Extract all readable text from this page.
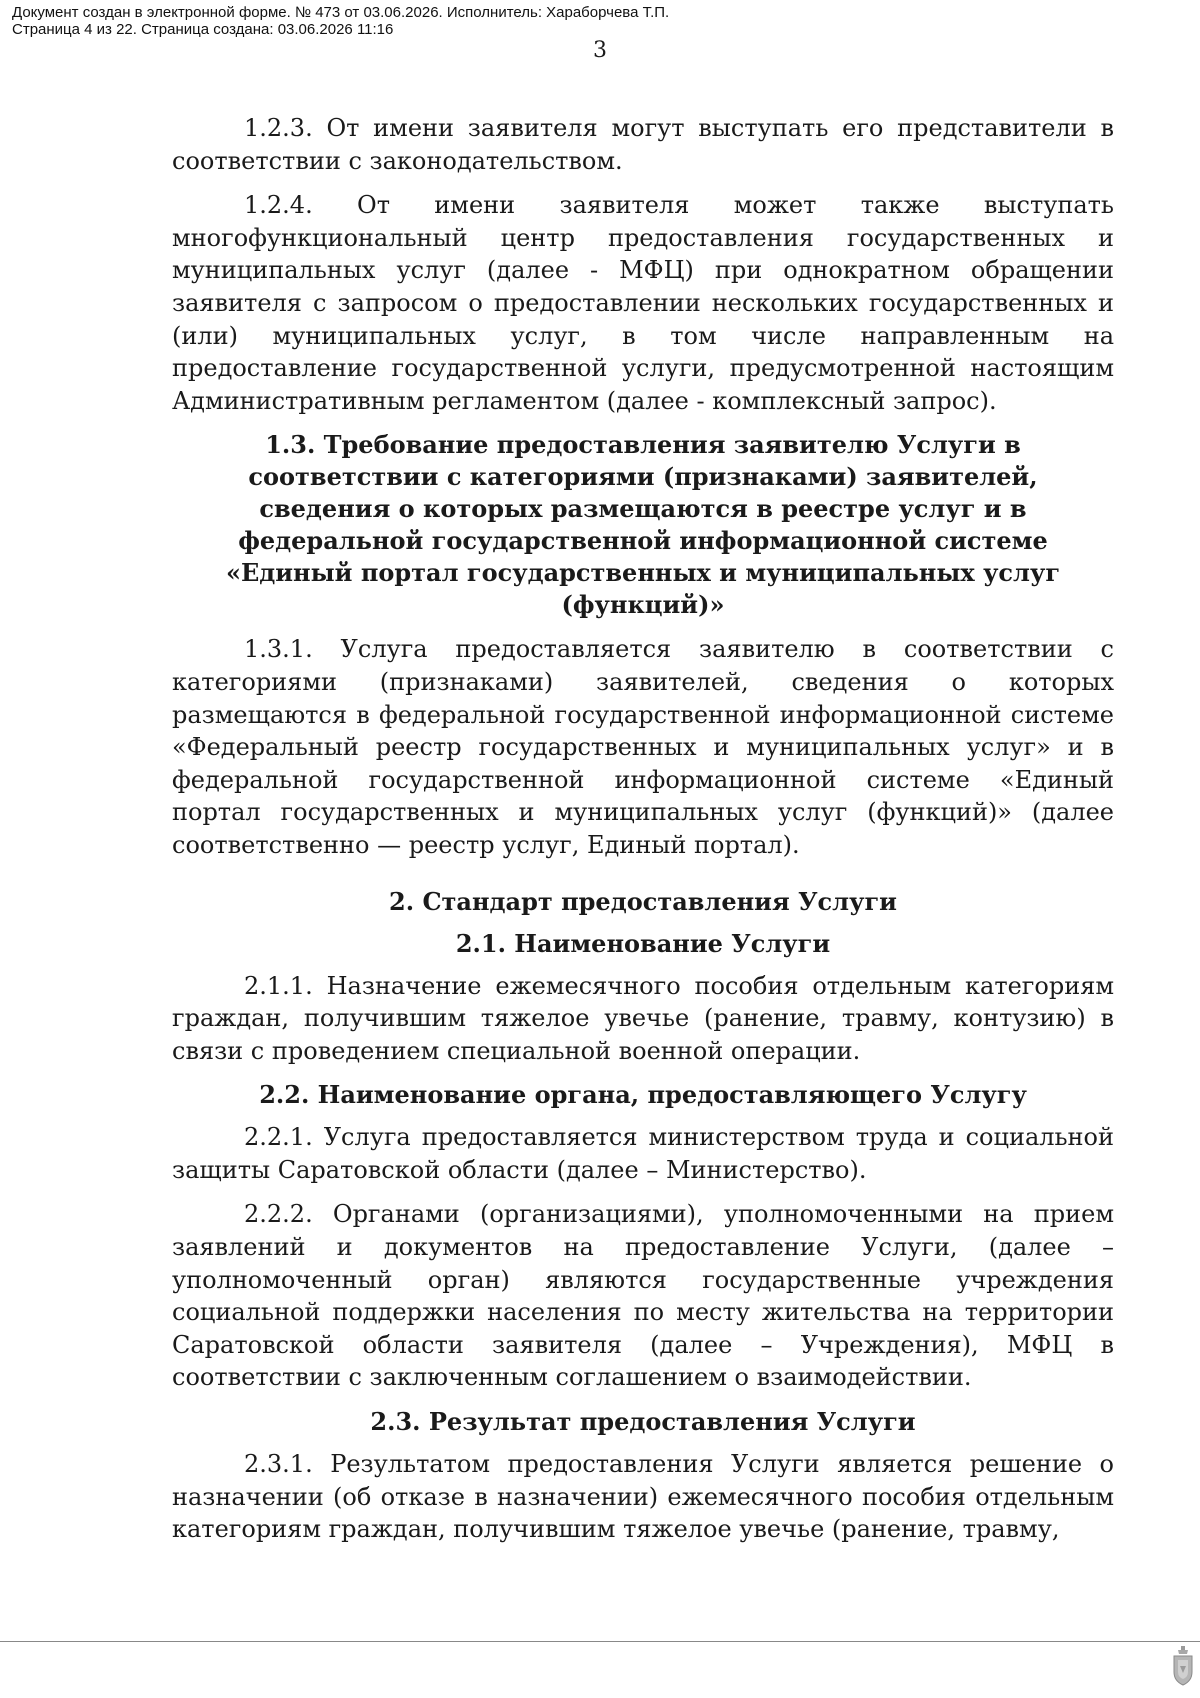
3

1.2.3. От имени заявителя могут выступать его представители в соответствии с законодательством.

1.2.4. От имени заявителя может также выступать многофункциональный центр предоставления государственных и муниципальных услуг (далее - МФЦ) при однократном обращении заявителя с запросом о предоставлении нескольких государственных и (или) муниципальных услуг, в том числе направленным на предоставление государственной услуги, предусмотренной настоящим Административным регламентом (далее - комплексный запрос).

1.3. Требование предоставления заявителю Услуги в соответствии с категориями (признаками) заявителей, сведения о которых размещаются в реестре услуг и в федеральной государственной информационной системе «Единый портал государственных и муниципальных услуг (функций)»

1.3.1. Услуга предоставляется заявителю в соответствии с категориями (признаками) заявителей, сведения о которых размещаются в федеральной государственной информационной системе «Федеральный реестр государственных и муниципальных услуг» и в федеральной государственной информационной системе «Единый портал государственных и муниципальных услуг (функций)» (далее соответственно — реестр услуг, Единый портал).

2. Стандарт предоставления Услуги

2.1. Наименование Услуги

2.1.1. Назначение ежемесячного пособия отдельным категориям граждан, получившим тяжелое увечье (ранение, травму, контузию) в связи с проведением специальной военной операции.

2.2. Наименование органа, предоставляющего Услугу

2.2.1. Услуга предоставляется министерством труда и социальной защиты Саратовской области (далее – Министерство).

2.2.2. Органами (организациями), уполномоченными на прием заявлений и документов на предоставление Услуги, (далее – уполномоченный орган) являются государственные учреждения социальной поддержки населения по месту жительства на территории Саратовской области заявителя (далее – Учреждения), МФЦ в соответствии с заключенным соглашением о взаимодействии.

2.3. Результат предоставления Услуги

2.3.1. Результатом предоставления Услуги является решение о назначении (об отказе в назначении) ежемесячного пособия отдельным категориям граждан, получившим тяжелое увечье (ранение, травму,

Документ создан в электронной форме. № 473 от 03.06.2026. Исполнитель: Хараборчева Т.П.
Страница 4 из 22. Страница создана: 03.06.2026 11:16
